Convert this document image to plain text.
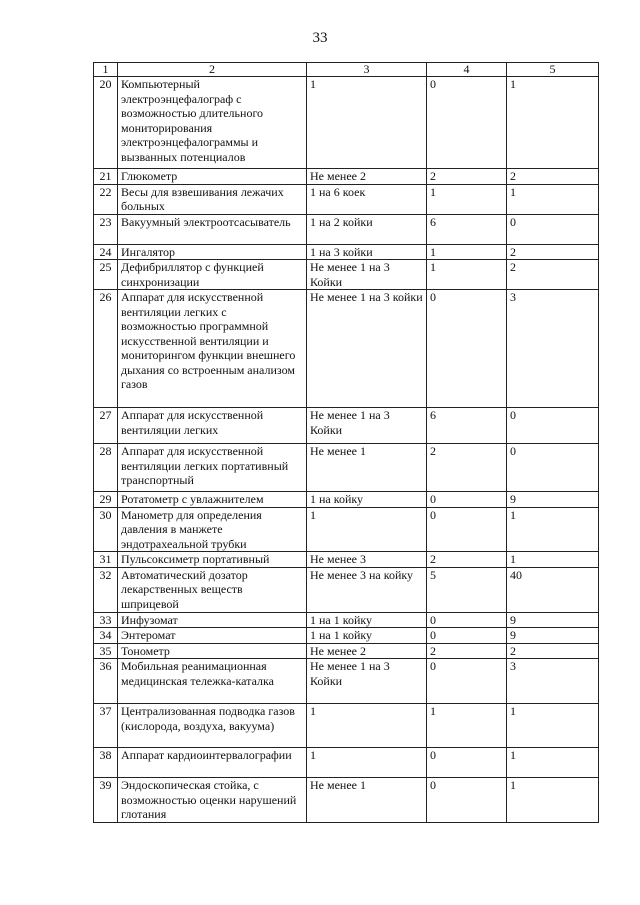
33
1	2	3	4	5
20	Компьютерный электроэнцефалограф с возможностью длительного мониторирования электроэнцефалограммы и вызванных потенциалов	1	0	1
21	Глюкометр	Не менее 2	2	2
22	Весы для взвешивания лежачих больных	1 на 6 коек	1	1
23	Вакуумный электроотсасыватель	1 на 2 койки	6	0
24	Ингалятор	1 на 3 койки	1	2
25	Дефибриллятор с функцией синхронизации	Не менее 1 на 3 Койки	1	2
26	Аппарат для искусственной вентиляции легких с возможностью программной искусственной вентиляции и мониторингом функции внешнего дыхания со встроенным анализом газов	Не менее 1 на 3 койки	0	3
27	Аппарат для искусственной вентиляции легких	Не менее 1 на 3 Койки	6	0
28	Аппарат для искусственной вентиляции легких портативный транспортный	Не менее 1	2	0
29	Ротатометр с увлажнителем	1 на койку	0	9
30	Манометр для определения давления в манжете эндотрахеальной трубки	1	0	1
31	Пульсоксиметр портативный	Не менее 3	2	1
32	Автоматический дозатор лекарственных веществ шприцевой	Не менее 3 на койку	5	40
33	Инфузомат	1 на 1 койку	0	9
34	Энтеромат	1 на 1 койку	0	9
35	Тонометр	Не менее 2	2	2
36	Мобильная реанимационная медицинская тележка-каталка	Не менее 1 на 3 Койки	0	3
37	Централизованная подводка газов (кислорода, воздуха, вакуума)	1	1	1
38	Аппарат кардиоинтервалографии	1	0	1
39	Эндоскопическая стойка, с возможностью оценки нарушений глотания	Не менее 1	0	1
